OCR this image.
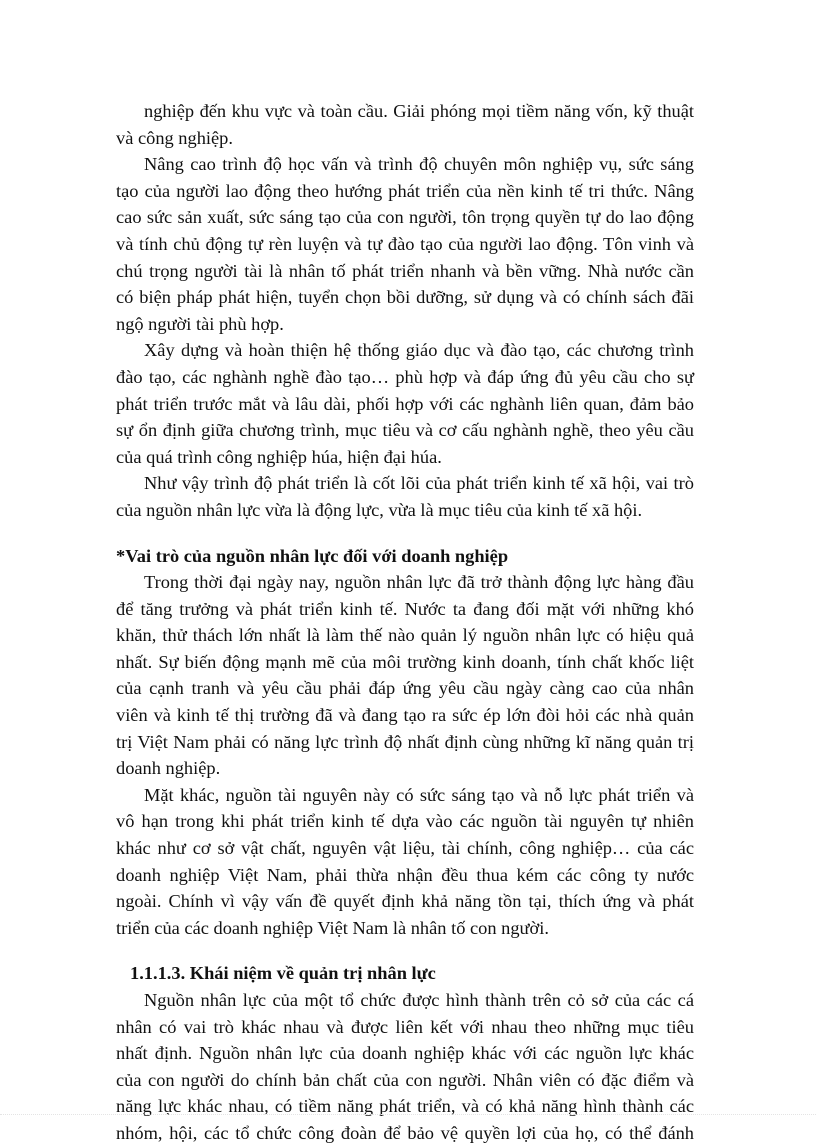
nghiệp đến khu vực và toàn cầu. Giải phóng mọi tiềm năng vốn, kỹ thuật
và công nghiệp.
Nâng cao trình độ học vấn và trình độ chuyên môn nghiệp vụ, sức sáng
tạo của người lao động theo hướng phát triển của nền kinh tế tri thức. Nâng
cao sức sản xuất, sức sáng tạo của con người, tôn trọng quyền tự do lao động
và tính chủ động tự rèn luyện và tự đào tạo của người lao động. Tôn vinh và
chú trọng người tài là nhân tố phát triển nhanh và bền vững. Nhà nước cần
có biện pháp phát hiện, tuyển chọn bồi dưỡng, sử dụng và có chính sách đãi
ngộ người tài phù hợp.
Xây dựng và hoàn thiện hệ thống giáo dục và đào tạo, các chương trình
đào tạo, các nghành nghề đào tạo… phù hợp và đáp ứng đủ yêu cầu cho sự
phát triển trước mắt và lâu dài, phối hợp với các nghành liên quan, đảm bảo
sự ổn định giữa chương trình, mục tiêu và cơ cấu nghành nghề, theo yêu cầu
của quá trình công nghiệp húa, hiện đại húa.
Như vậy trình độ phát triển là cốt lõi của phát triển kinh tế xã hội, vai trò
của nguồn nhân lực vừa là động lực, vừa là mục tiêu của kinh tế xã hội.
*Vai trò của nguồn nhân lực đối với doanh nghiệp
Trong thời đại ngày nay, nguồn nhân lực đã trở thành động lực hàng đầu
để tăng trưởng và phát triển kinh tế. Nước ta đang đối mặt với những khó
khăn, thử thách lớn nhất là làm thế nào quản lý nguồn nhân lực có hiệu quả
nhất. Sự biến động mạnh mẽ của môi trường kinh doanh, tính chất khốc liệt
của cạnh tranh và yêu cầu phải đáp ứng yêu cầu ngày càng cao của nhân
viên và kinh tế thị trường đã và đang tạo ra sức ép lớn đòi hỏi các nhà quản
trị Việt Nam phải có năng lực trình độ nhất định cùng những kĩ năng quản trị
doanh nghiệp.
Mặt khác, nguồn tài nguyên này có sức sáng tạo và nỗ lực phát triển và
vô hạn trong khi phát triển kinh tế dựa vào các nguồn tài nguyên tự nhiên
khác như cơ sở vật chất, nguyên vật liệu, tài chính, công nghiệp… của các
doanh nghiệp Việt Nam, phải thừa nhận đều thua kém các công ty nước
ngoài. Chính vì vậy vấn đề quyết định khả năng tồn tại, thích ứng và phát
triển của các doanh nghiệp Việt Nam là nhân tố con người.
1.1.1.3. Khái niệm về quản trị nhân lực
Nguồn nhân lực của một tổ chức được hình thành trên cỏ sở của các cá
nhân có vai trò khác nhau và được liên kết với nhau theo những mục tiêu
nhất định. Nguồn nhân lực của doanh nghiệp khác với các nguồn lực khác
của con người do chính bản chất của con người. Nhân viên có đặc điểm và
năng lực khác nhau, có tiềm năng phát triển, và có khả năng hình thành các
nhóm, hội, các tổ chức công đoàn để bảo vệ quyền lợi của họ, có thể đánh
